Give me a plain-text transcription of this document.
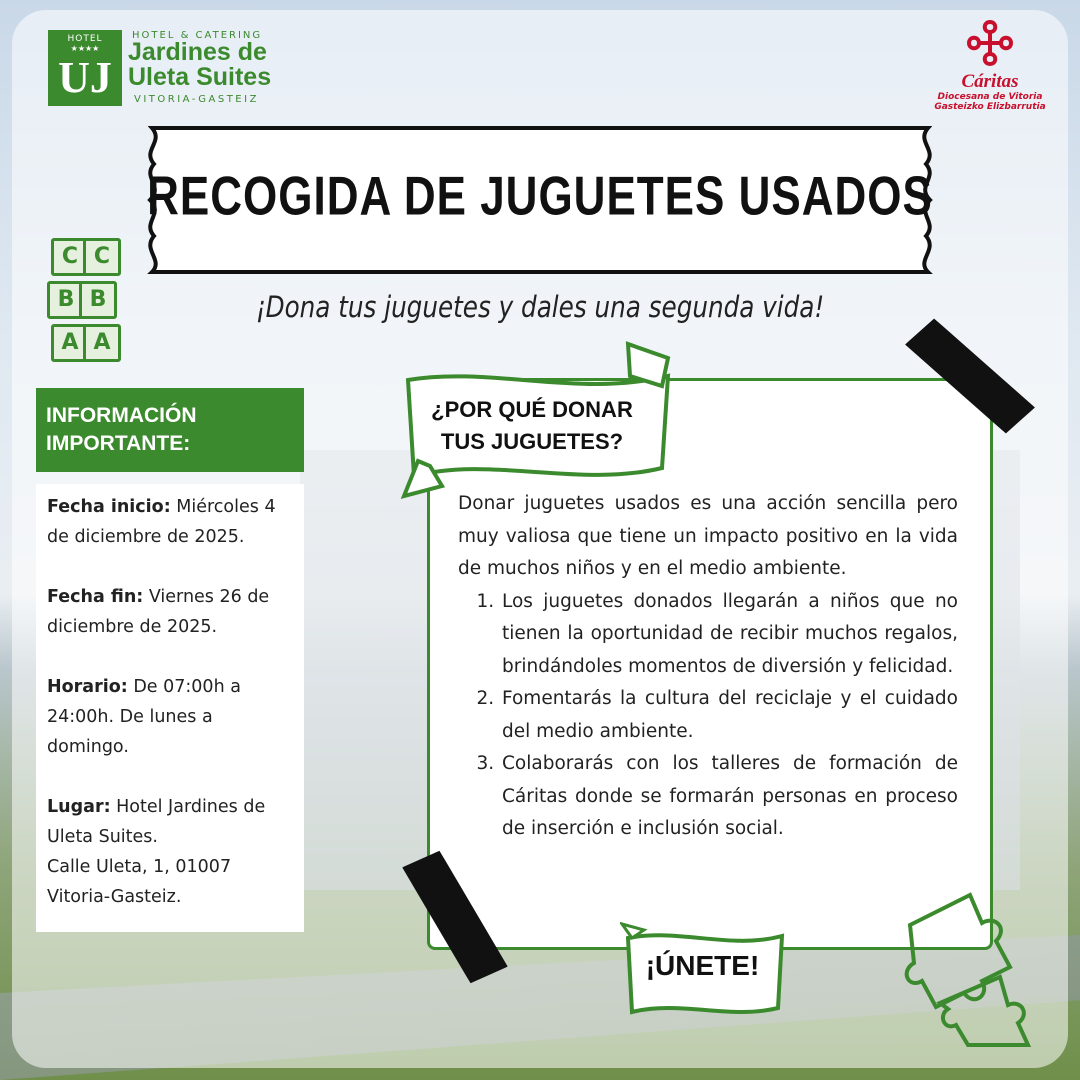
HOTEL
★★★★
UJ
HOTEL & CATERING
Jardines de Uleta Suites
VITORIA-GASTEIZ
Cáritas
Diocesana de Vitoria Gasteizko Elizbarrutia
RECOGIDA DE JUGUETES USADOS
¡Dona tus juguetes y dales una segunda vida!
C C
B B
A A
INFORMACIÓN IMPORTANTE:

Fecha inicio: Miércoles 4 de diciembre de 2025.

Fecha fin: Viernes 26 de diciembre de 2025.

Horario: De 07:00h a 24:00h. De lunes a domingo.

Lugar: Hotel Jardines de Uleta Suites.
Calle Uleta, 1, 01007
Vitoria-Gasteiz.

¿POR QUÉ DONAR TUS JUGUETES?
Donar juguetes usados es una acción sencilla pero muy valiosa que tiene un impacto positivo en la vida de muchos niños y en el medio ambiente.
1. Los juguetes donados llegarán a niños que no tienen la oportunidad de recibir muchos regalos, brindándoles momentos de diversión y felicidad.
2. Fomentarás la cultura del reciclaje y el cuidado del medio ambiente.
3. Colaborarás con los talleres de formación de Cáritas donde se formarán personas en proceso de inserción e inclusión social.
¡ÚNETE!
